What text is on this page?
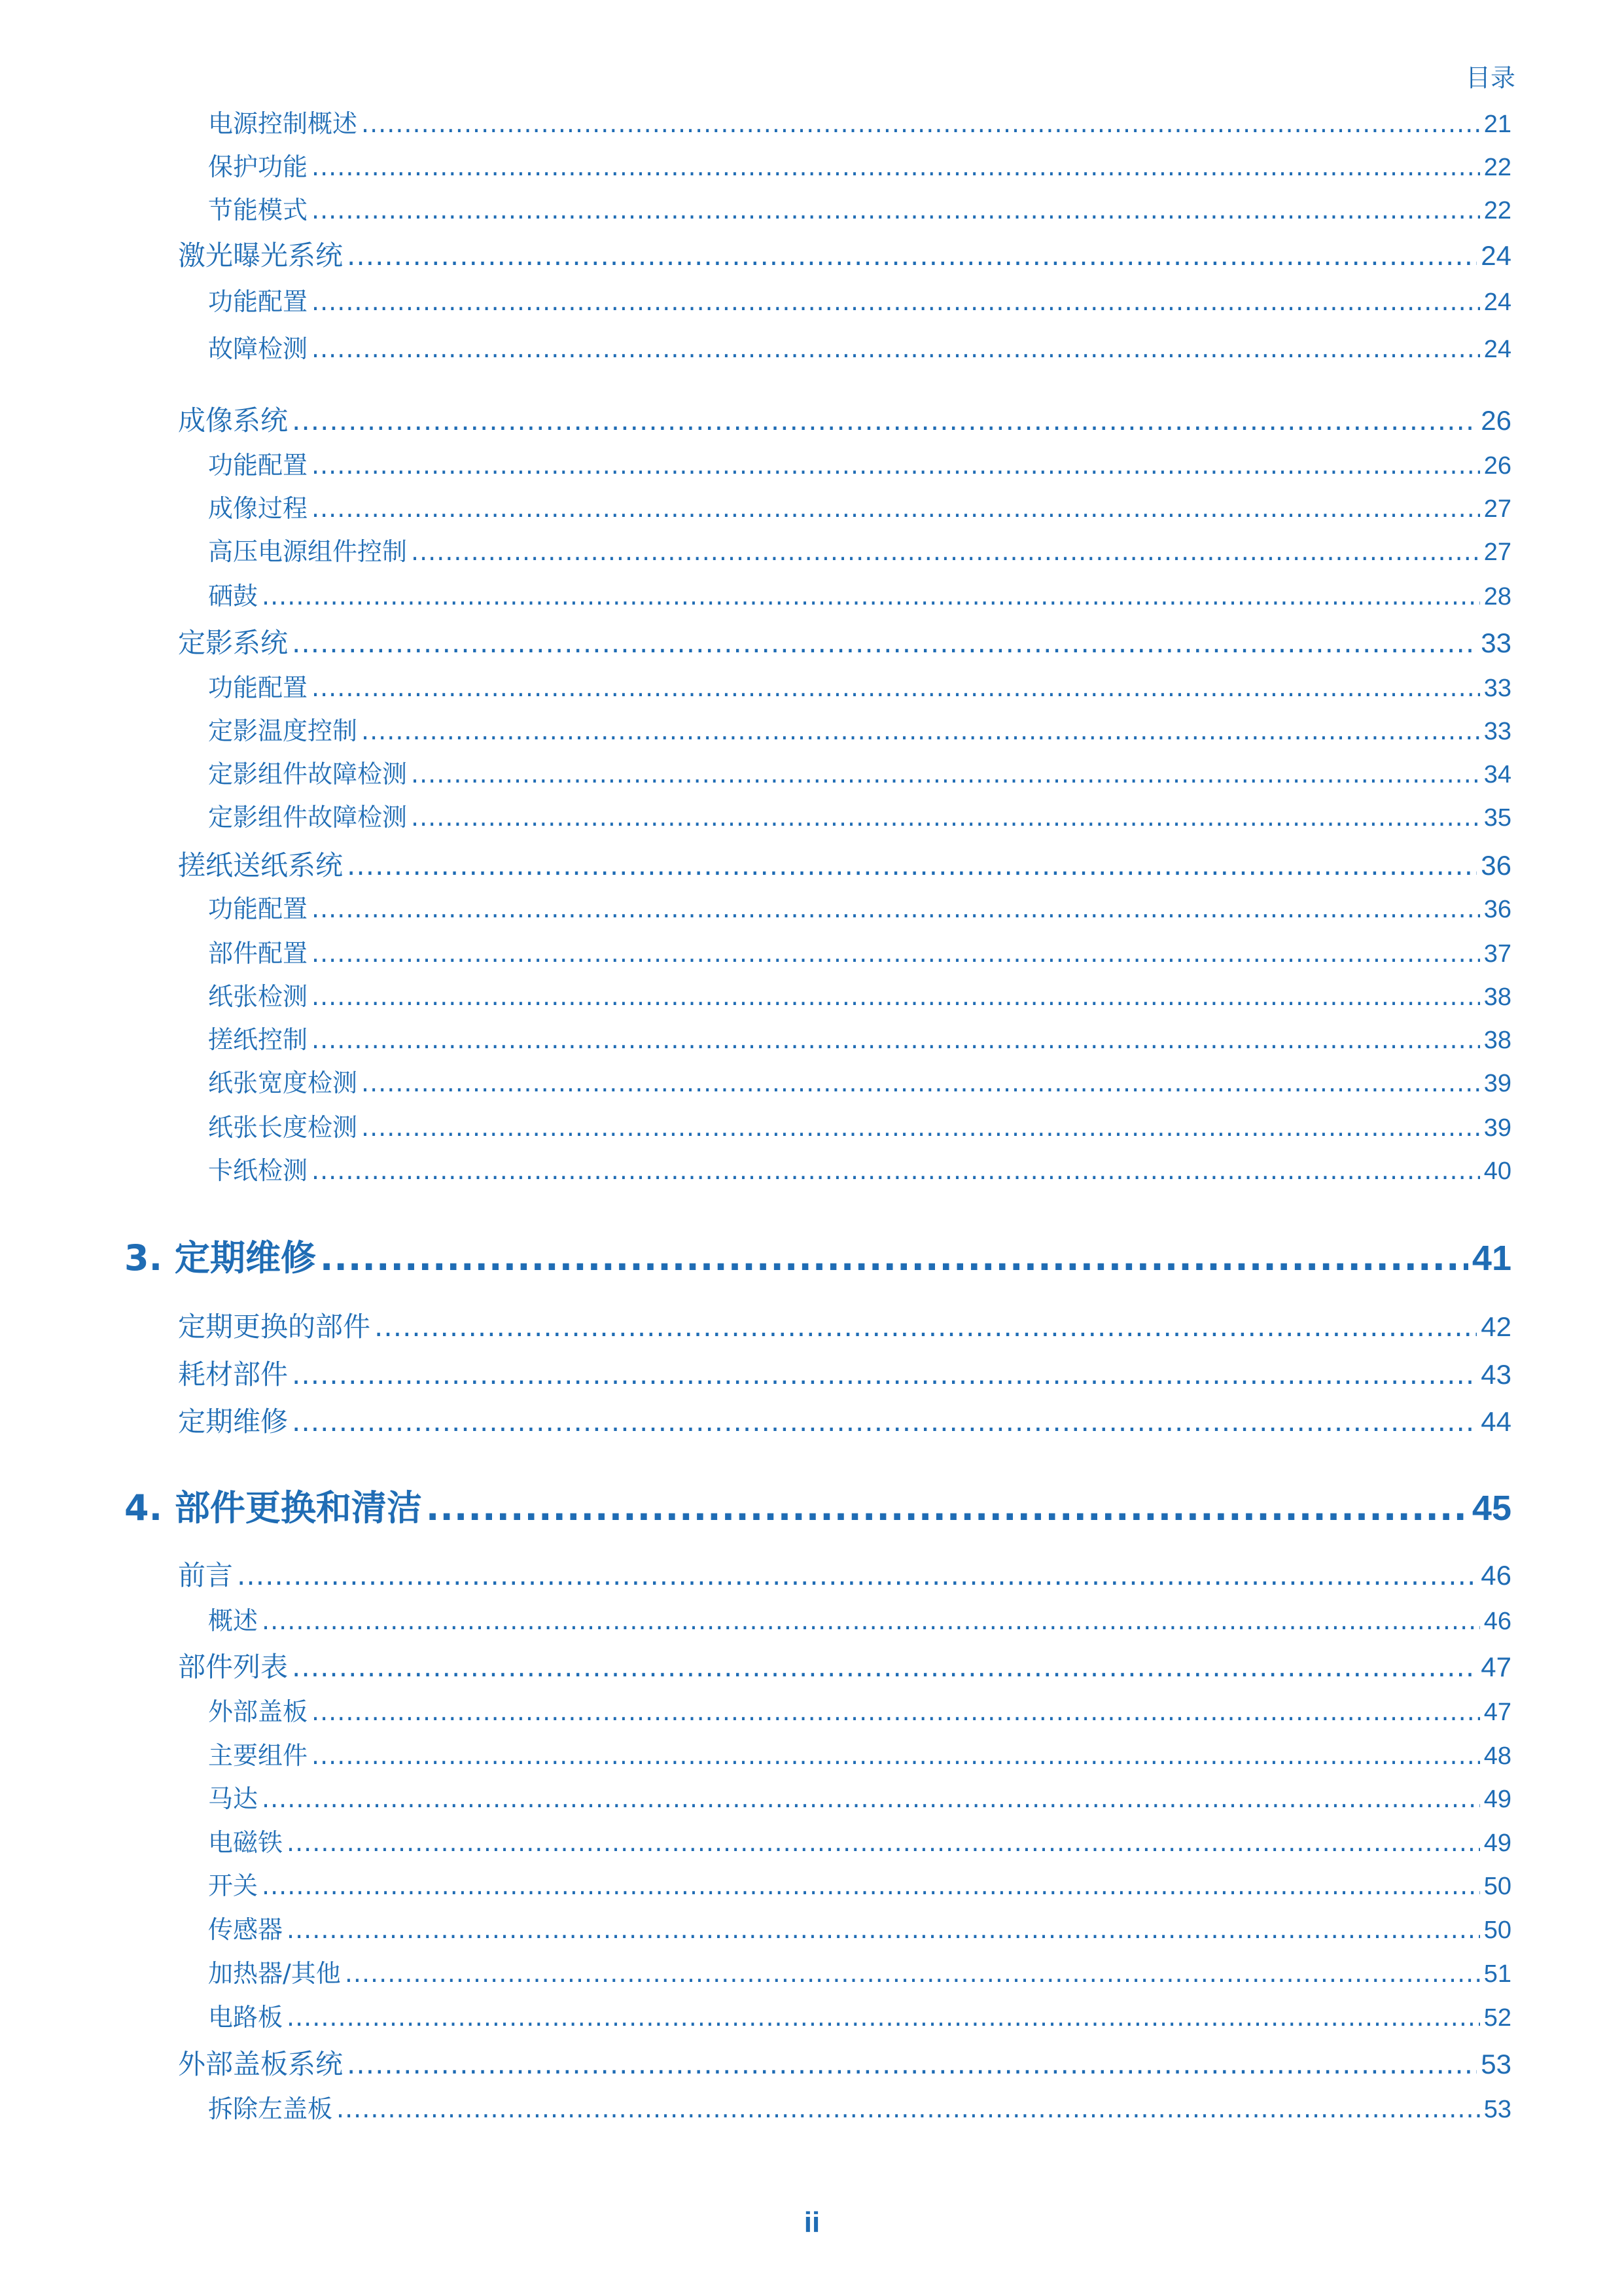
目录
电源控制概述 .....	21
保护功能 .....	22
节能模式 .....	22
激光曝光系统 .....	24
功能配置 .....	24
故障检测 .....	24
成像系统 .....	26
功能配置 .....	26
成像过程 .....	27
高压电源组件控制 .....	27
硒鼓 .....	28
定影系统 .....	33
功能配置 .....	33
定影温度控制 .....	33
定影组件故障检测 .....	34
定影组件故障检测 .....	35
搓纸送纸系统 .....	36
功能配置 .....	36
部件配置 .....	37
纸张检测 .....	38
搓纸控制 .....	38
纸张宽度检测 .....	39
纸张长度检测 .....	39
卡纸检测 .....	40
3. 定期维修 .....	41
定期更换的部件 .....	42
耗材部件 .....	43
定期维修 .....	44
4. 部件更换和清洁 .....	45
前言 .....	46
概述 .....	46
部件列表 .....	47
外部盖板 .....	47
主要组件 .....	48
马达 .....	49
电磁铁 .....	49
开关 .....	50
传感器 .....	50
加热器/其他 .....	51
电路板 .....	52
外部盖板系统 .....	53
拆除左盖板 .....	53
ii
